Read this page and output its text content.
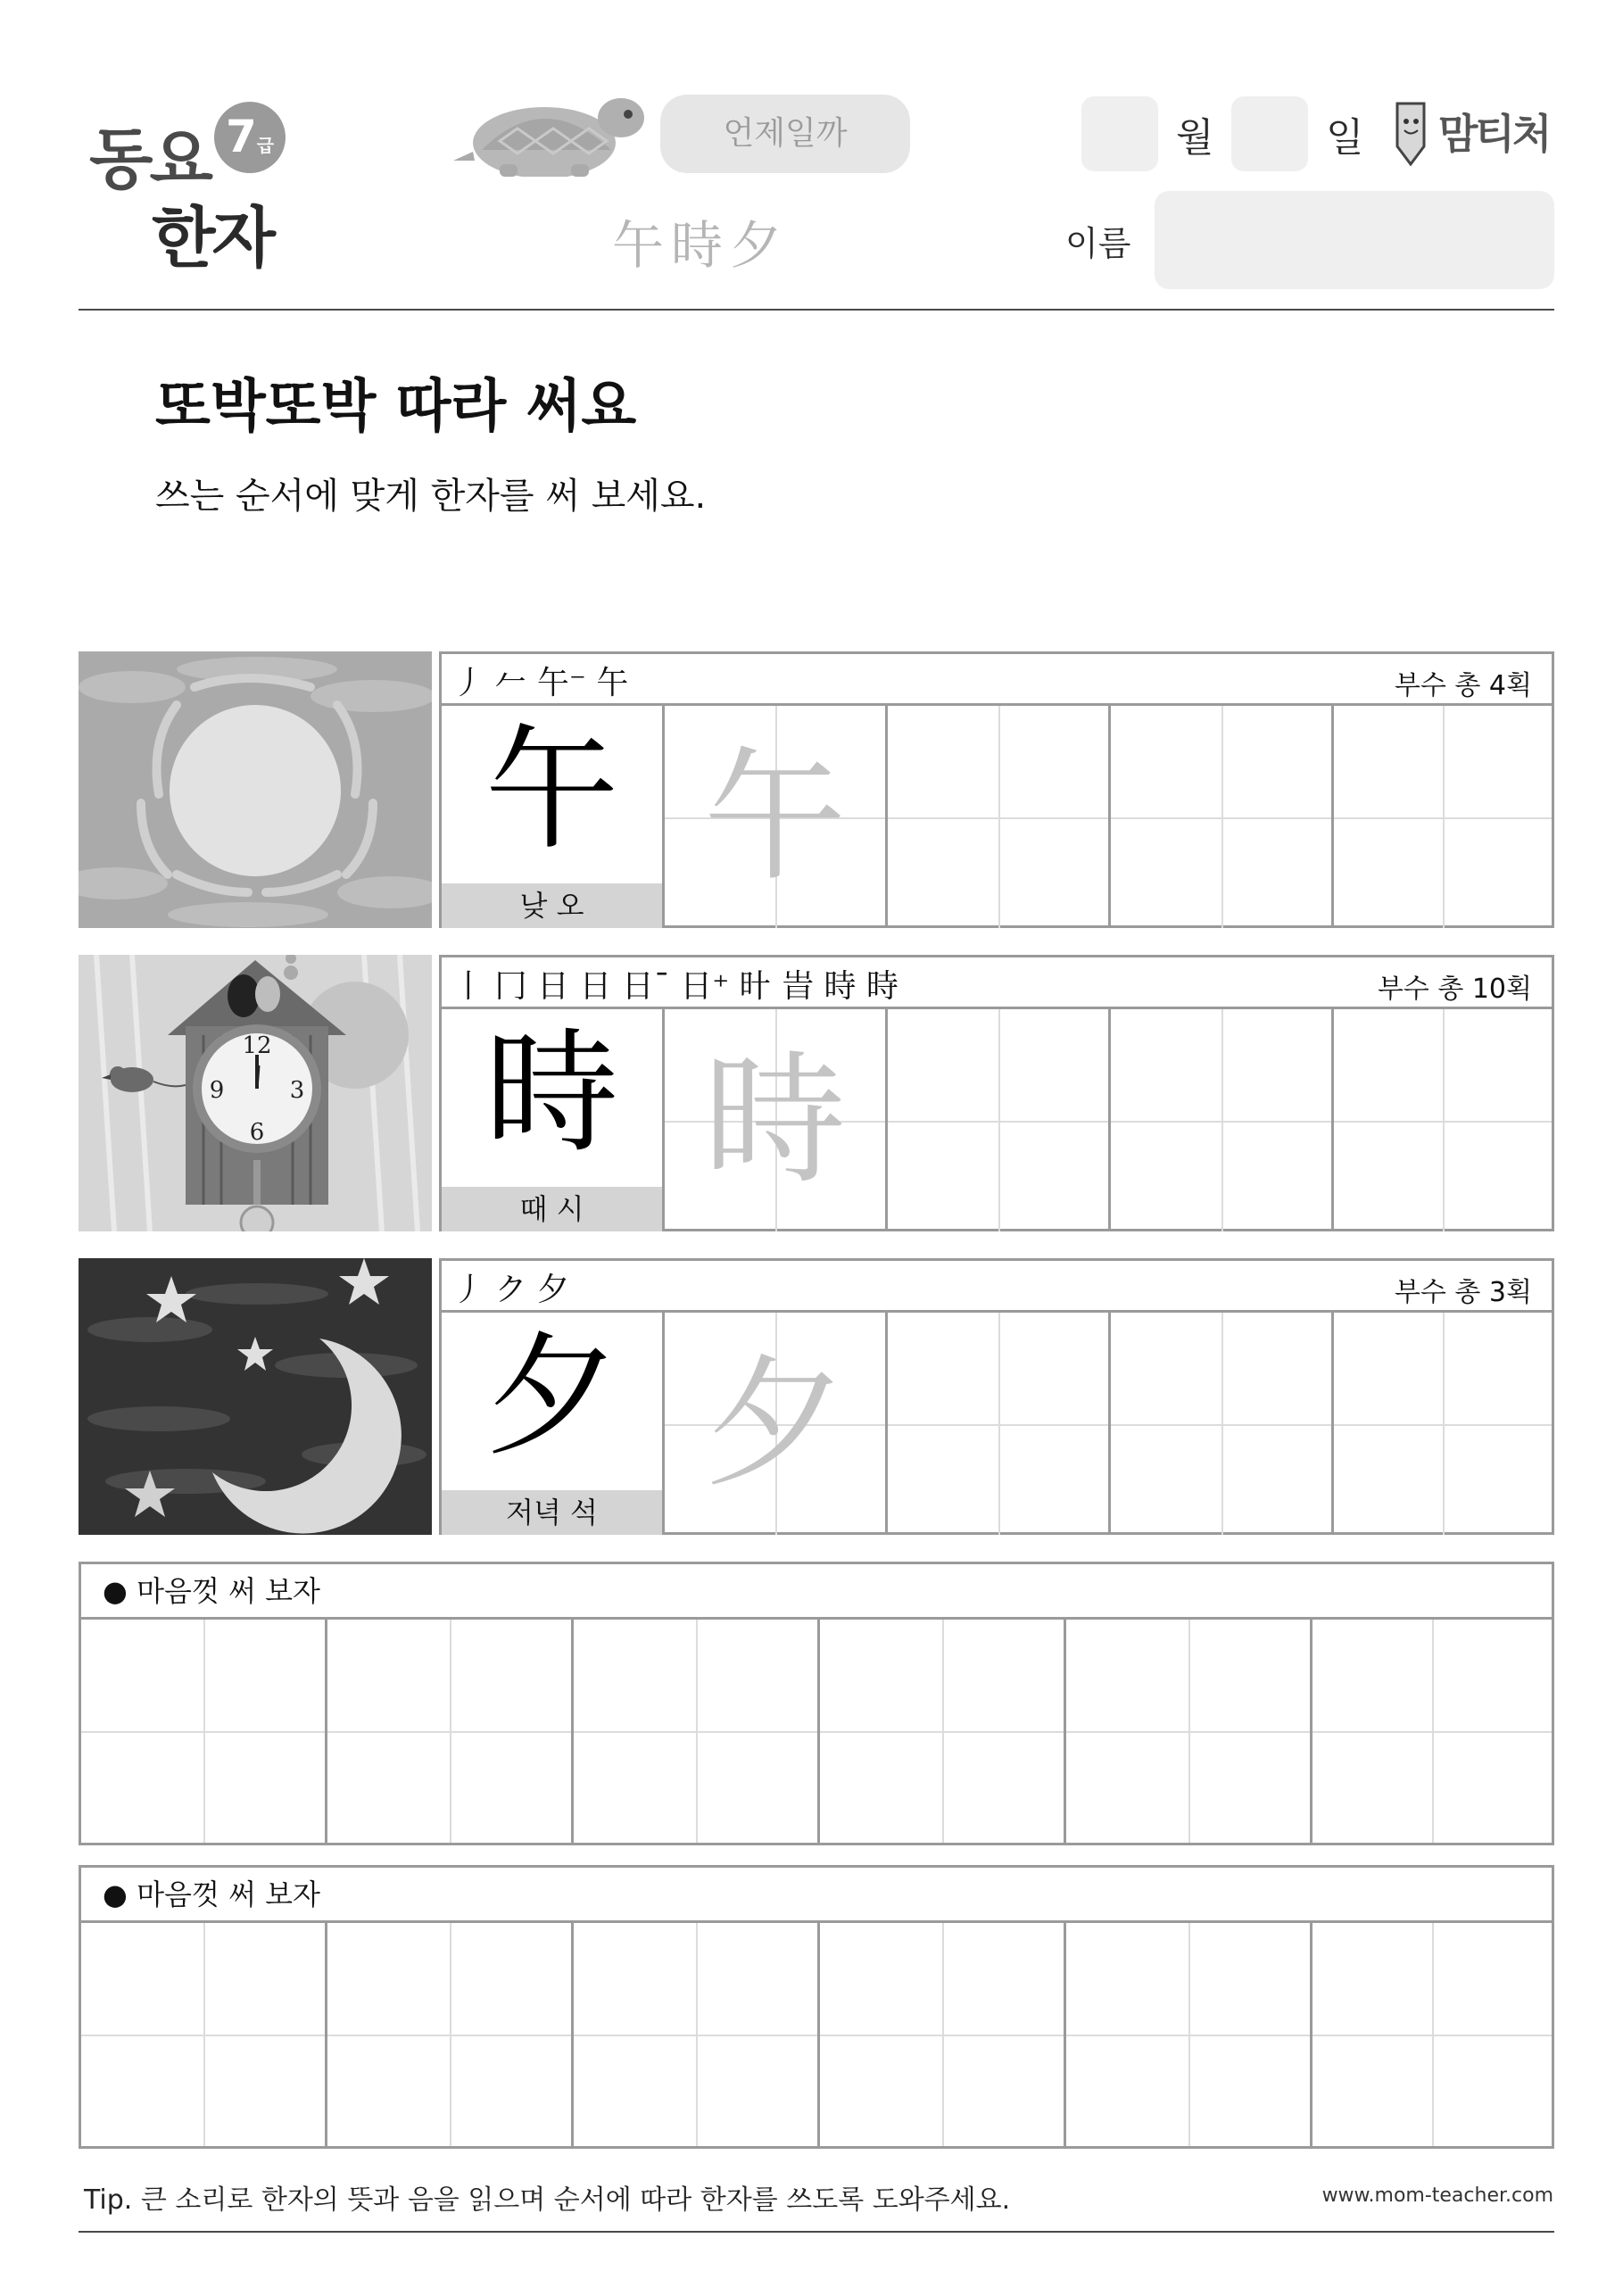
동요
한자
7급	언제일까
午時夕
월	일 맘티처
이름
또박또박 따라 써요
쓰는 순서에 맞게 한자를 써 보세요.
丿 𠂉 午⁻ 午	부수 총 4획
午
낮 오
午
12
3
6
9
丨 冂 日 日 日ˉ 日⁺ 旪 旹 時 時	부수 총 10획
時
때 시
時
丿 ク 夕	부수 총 3획
夕
저녁 석
夕
● 마음껏 써 보자
● 마음껏 써 보자
Tip. 큰 소리로 한자의 뜻과 음을 읽으며 순서에 따라 한자를 쓰도록 도와주세요.	www.mom-teacher.com
